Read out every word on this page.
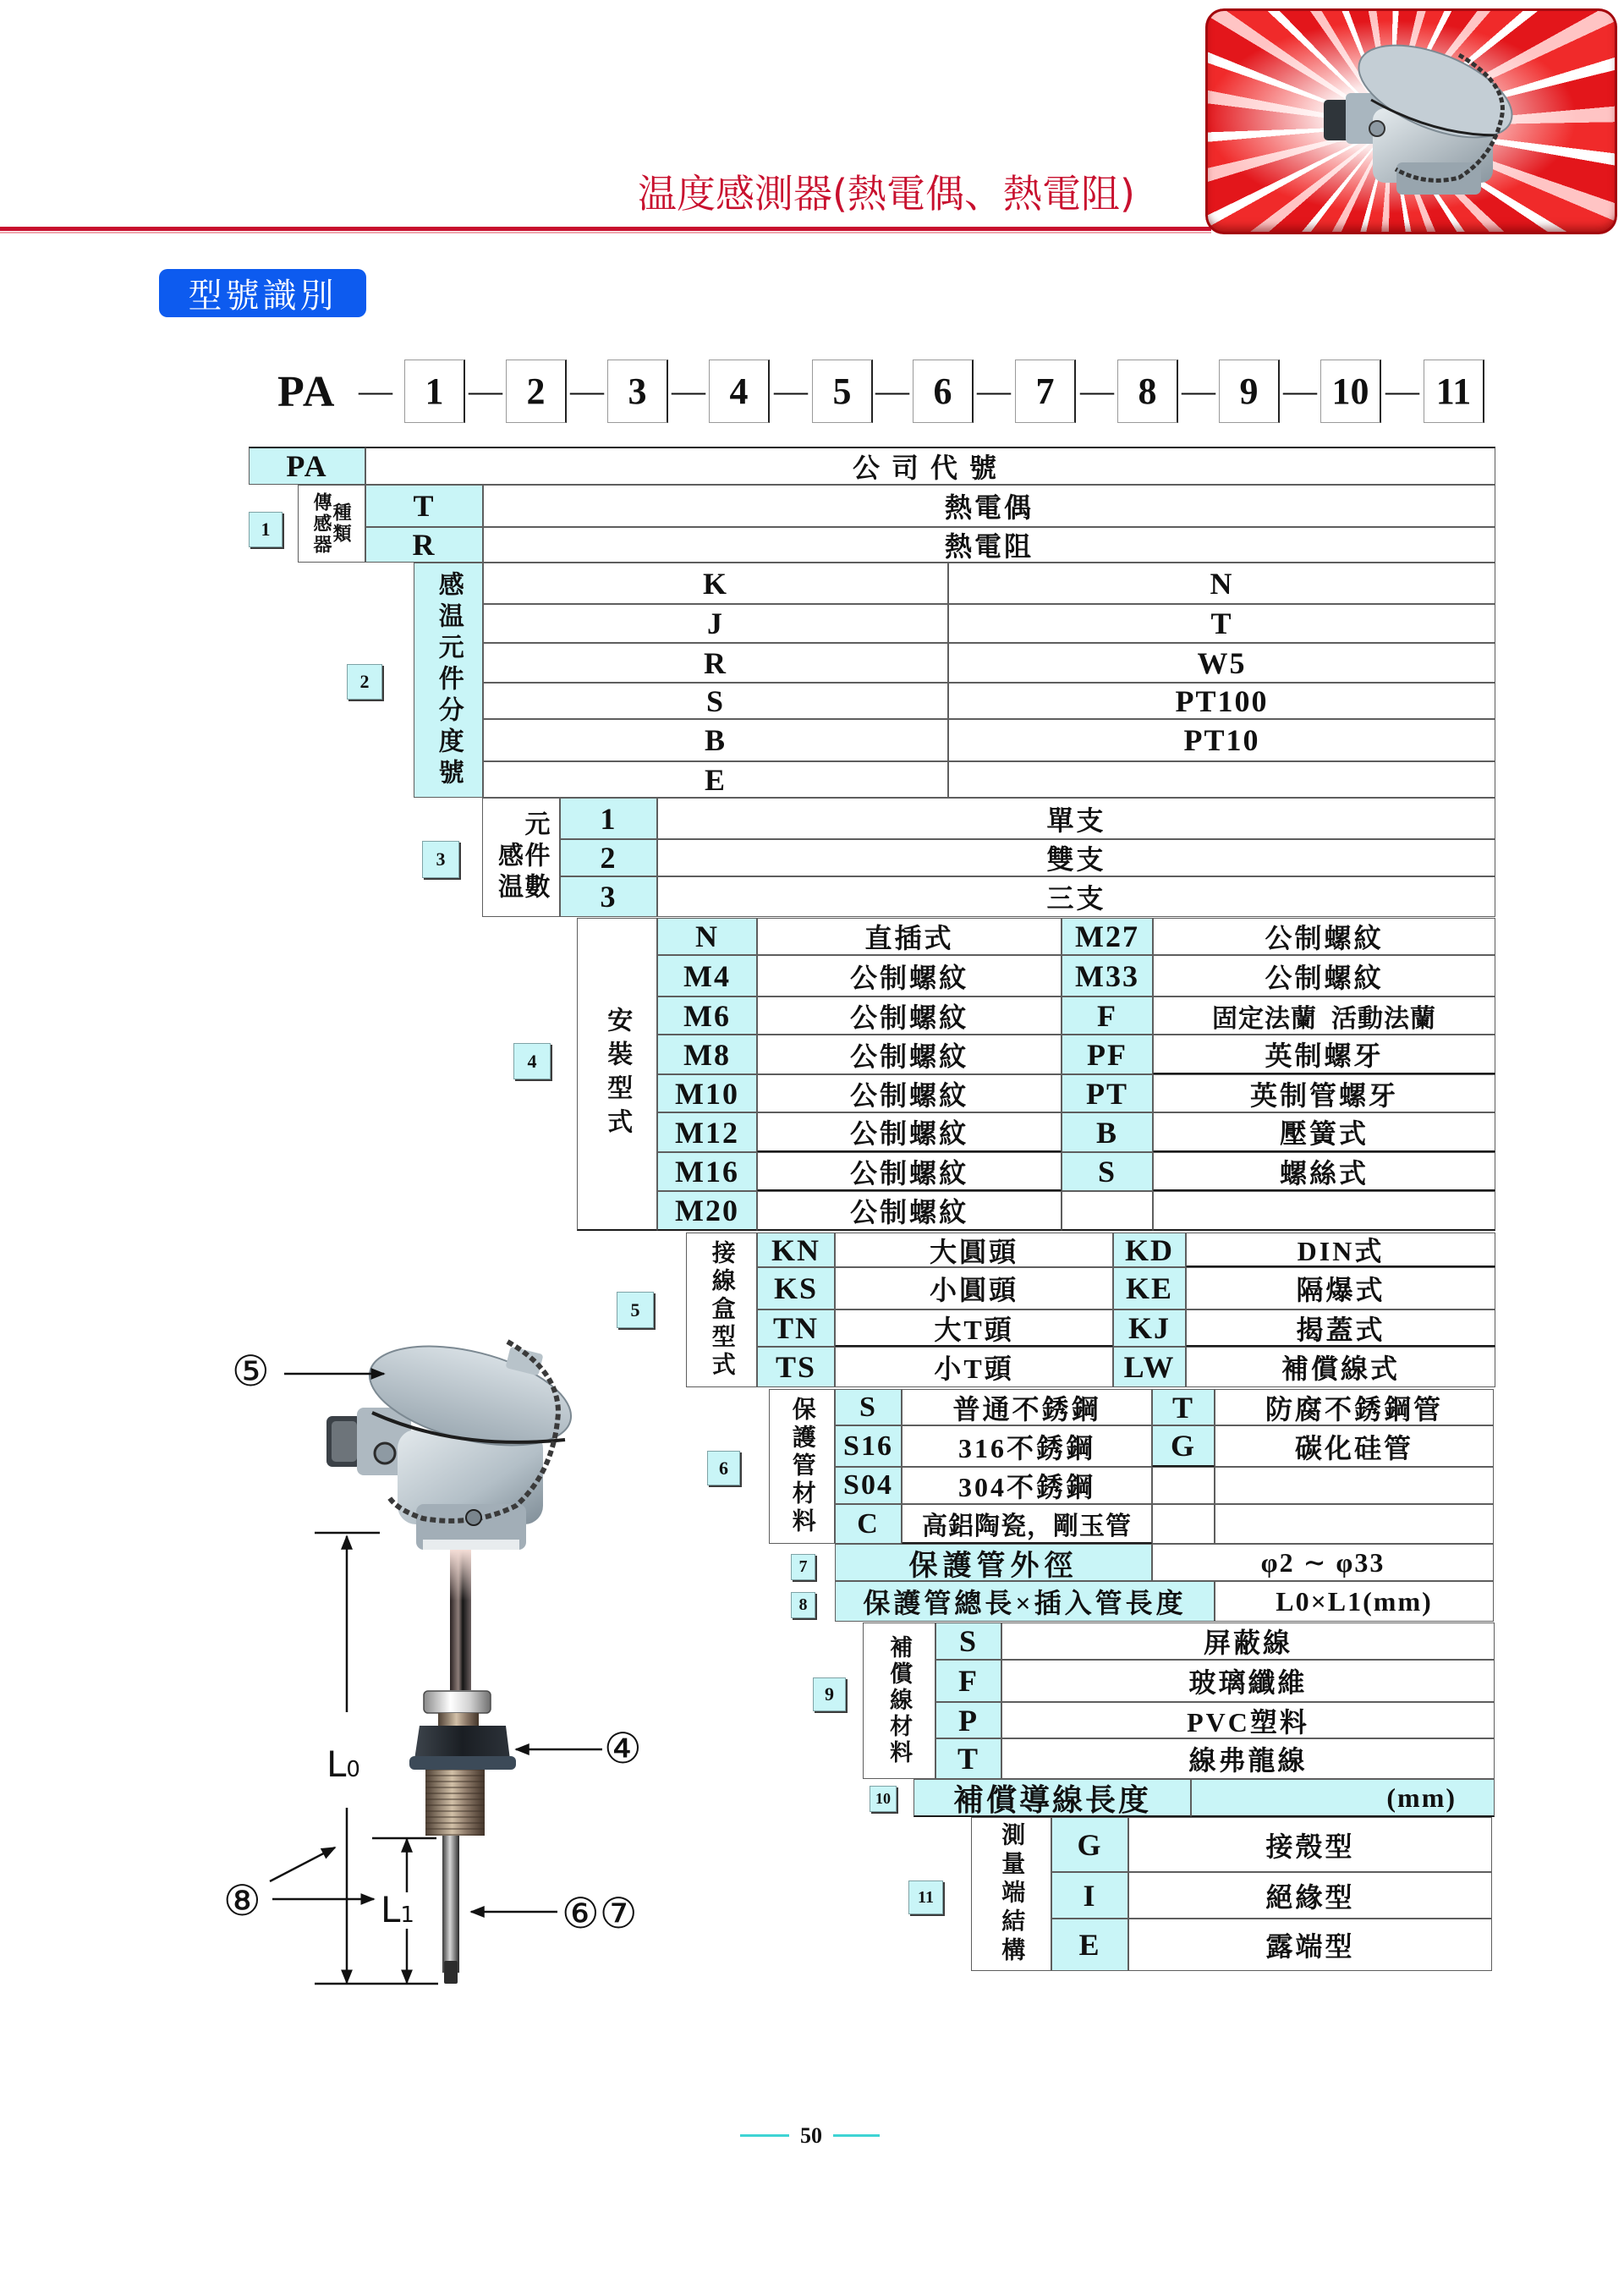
温度感測器(熱電偶、熱電阻)
型號識別
PA — 1 — 2 — 3 — 4 — 5 — 6 — 7 — 8 — 9 — 10 — 11
PA	公司代號
1	傳感器
種類	T	熱電偶
R	熱電阻
2	感温元件分度號	K	N
J	T
R	W5
S	PT100
B	PT10
E
3	感温
元件數	1	單支
2	雙支
3	三支
4	安裝型式
N	直插式	M27	公制螺紋
M4	公制螺紋	M33	公制螺紋
M6	公制螺紋	F	固定法蘭  活動法蘭
M8	公制螺紋	PF	英制螺牙
M10	公制螺紋	PT	英制管螺牙
M12	公制螺紋	B	壓簧式
M16	公制螺紋	S	螺絲式
M20	公制螺紋
5	接線盒型式	KN	大圓頭	KD	DIN式
KS	小圓頭	KE	隔爆式
TN	大T頭	KJ	揭蓋式
TS	小T頭	LW	補償線式
6	保護管材料	S	普通不銹鋼	T	防腐不銹鋼管
S16	316不銹鋼	G	碳化硅管
S04	304不銹鋼
C	高鋁陶瓷，剛玉管
7	保護管外徑	φ2 ∼ φ33
8	保護管總長×插入管長度	L0×L1(mm)
9	補償線材料	S	屏蔽線
F	玻璃纖維
P	PVC塑料
T	線弗龍線
10	補償導線長度	(mm)
11	測量端結構	G	接殼型
I	絕緣型
E	露端型
⑤
④
⑧	⑥⑦
L0
L1
50
